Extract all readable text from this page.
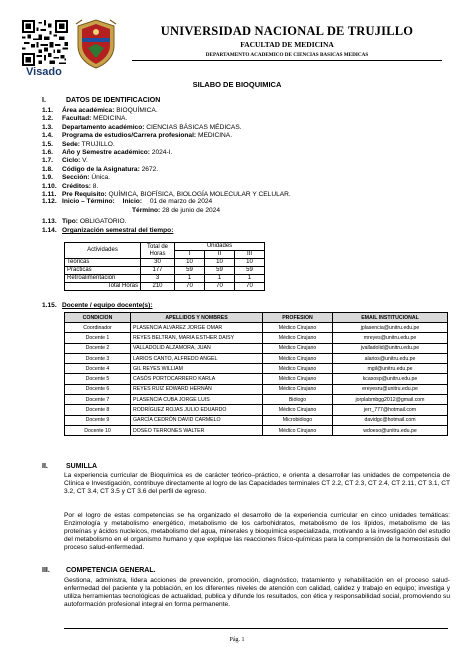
Visado
UNIVERSIDAD NACIONAL DE TRUJILLO
FACULTAD DE MEDICINA
DEPARTAMENTO ACADEMICO DE CIENCIAS BASICAS MEDICAS
SILABO DE BIOQUIMICA
I.	DATOS DE IDENTIFICACION
1.1. Área académica: BIOQUÍMICA.
1.2. Facultad: MEDICINA.
1.3. Departamento académico: CIENCIAS BÁSICAS MÉDICAS.
1.4. Programa de estudios/Carrera profesional: MEDICINA.
1.5. Sede: TRUJILLO.
1.6. Año y Semestre académico: 2024-I.
1.7. Ciclo: V.
1.8. Código de la Asignatura: 2672.
1.9. Sección: Única.
1.10. Créditos: 8.
1.11. Pre Requisito: QUÍMICA, BIOFÍSICA, BIOLOGÍA MOLECULAR Y CELULAR.
1.12. Inicio – Término: Inicio: 01 de marzo de 2024
Término: 28 de junio de 2024
1.13. Tipo: OBLIGATORIO.
1.14. Organización semestral del tiempo:
Actividades	Total de Horas	Unidades		
		I	II	III
Teóricas	30	10	10	10
Prácticas	177	59	59	59
Retroalimentación	3	1	1	1
Total Horas	210	70	70	70
1.15. Docente / equipo docente(s):
CONDICION	APELLIDOS Y NOMBRES	PROFESION	EMAIL INSTITUCIONAL
Coordinador	PLASENCIA ALVAREZ JORGE OMAR	Médico Cirujano	jplasencia@unitru.edu.pe
Docente 1	REYES BELTRAN, MARIA ESTHER DAISY	Médico Cirujano	mreyes@unitru.edu.pe
Docente 2	VALLADOLID ALZAMORA, JUAN	Médico Cirujano	jvalladolid@unitru.edu.pe
Docente 3	LARIOS CANTO, ALFREDO ANGEL	Médico Cirujano	alarios@unitru.edu.pe
Docente 4	GIL REYES WILLIAM	Médico Cirujano	mgil@unitru.edu.pe
Docente 5	CASÓS PORTOCARRERO KARLA	Médico Cirujano	kcasosp@unitru.edu.pe
Docente 6	REYES RUIZ EDWARD HERNÁN	Médico Cirujano	ereyesru@unitru.edu.pe
Docente 7	PLASENCIA CUBA JORGE LUIS	Biólogo	jorplabmbgg2012@gmail.com
Docente 8	RODRÍGUEZ ROJAS JULIO EDUARDO	Médico Cirujano	jerr_777@hotmail.com
Docente 9	GARCÍA CEDRÓN DAVID CARMELO	Microbiólogo	davidgc@hotmail.com
Docente 10	DOSEO TERRONES WALTER	Médico Cirujano	wdoeso@unitru.edu.pe
II.	SUMILLA
La experiencia curricular de Bioquímica es de carácter teórico–práctico, e orienta a desarrollar las unidades de competencia de Clínica e Investigación, contribuye directamente al logro de las Capacidades terminales CT 2.2, CT 2.3, CT 2.4, CT 2.11, CT 3.1, CT 3.2, CT 3.4, CT 3.5 y CT 3.6 del perfil de egreso.
Por el logro de estas competencias se ha organizado el desarrollo de la experiencia curricular en cinco unidades temáticas: Enzimología y metabolismo energético, metabolismo de los carbohidratos, metabolismo de los lípidos, metabolismo de las proteínas y ácidos nucleicos, metabolismo del agua, minerales y bioquímica especializada, motivando a la investigación del estudio del metabolismo en el organismo humano y que explique las reacciones físico-químicas para la comprensión de la homeostasis del proceso salud-enfermedad.
III. COMPETENCIA GENERAL.
Gestiona, administra, lidera acciones de prevención, promoción, diagnóstico, tratamiento y rehabilitación en el proceso salud-enfermedad del paciente y la población, en los diferentes niveles de atención con calidad, calidez y trabajo en equipo; investiga y utiliza herramientas tecnológicas de actualidad, publica y difunde los resultados, con ética y responsabilidad social, promoviendo su autoformación profesional integral en forma permanente.
Pág. 1
